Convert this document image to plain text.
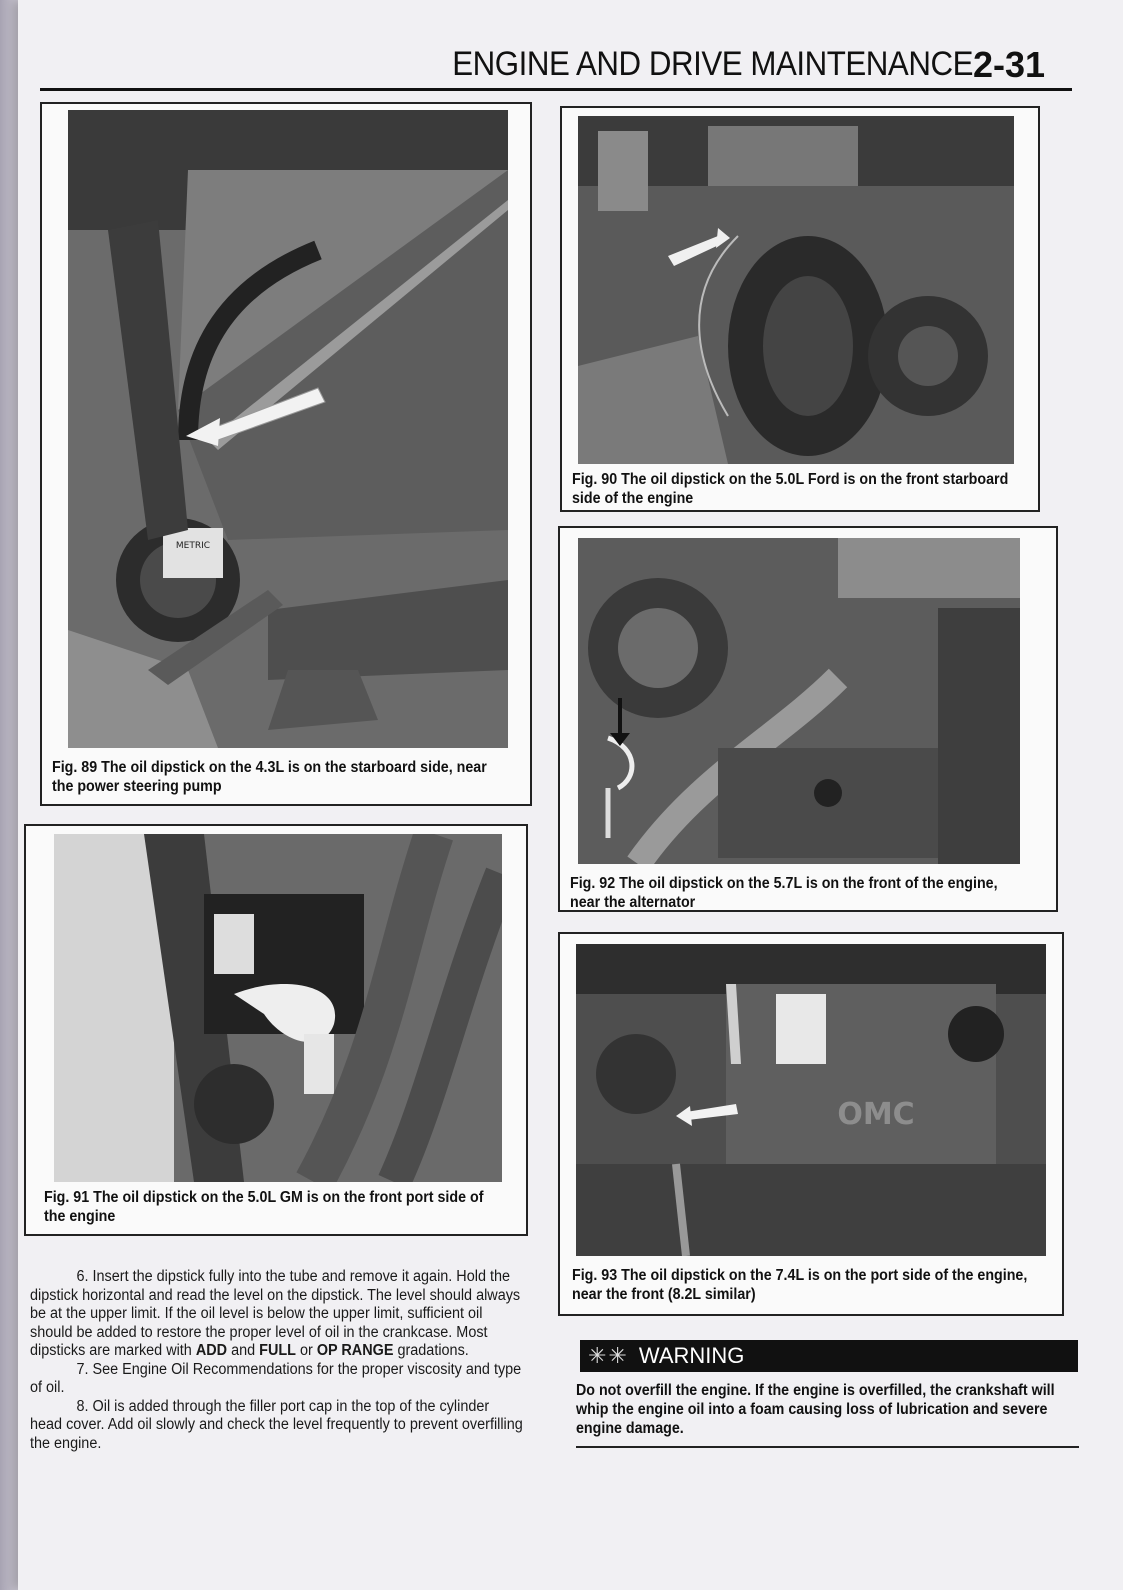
ENGINE AND DRIVE MAINTENANCE 2-31
METRIC
Fig. 89 The oil dipstick on the 4.3L is on the starboard side, near the power steering pump
Fig. 90 The oil dipstick on the 5.0L Ford is on the front starboard side of the engine
Fig. 91 The oil dipstick on the 5.0L GM is on the front port side of the engine
Fig. 92 The oil dipstick on the 5.7L is on the front of the engine, near the alternator
OMC
Fig. 93 The oil dipstick on the 7.4L is on the port side of the engine, near the front (8.2L similar)

6. Insert the dipstick fully into the tube and remove it again. Hold the dipstick horizontal and read the level on the dipstick. The level should always be at the upper limit. If the oil level is below the upper limit, sufficient oil should be added to restore the proper level of oil in the crankcase. Most dipsticks are marked with ADD and FULL or OP RANGE gradations.

7. See Engine Oil Recommendations for the proper viscosity and type of oil.

8. Oil is added through the filler port cap in the top of the cylinder head cover. Add oil slowly and check the level frequently to prevent overfilling the engine.

✳✳ WARNING
Do not overfill the engine. If the engine is overfilled, the crankshaft will whip the engine oil into a foam causing loss of lubrication and severe engine damage.
